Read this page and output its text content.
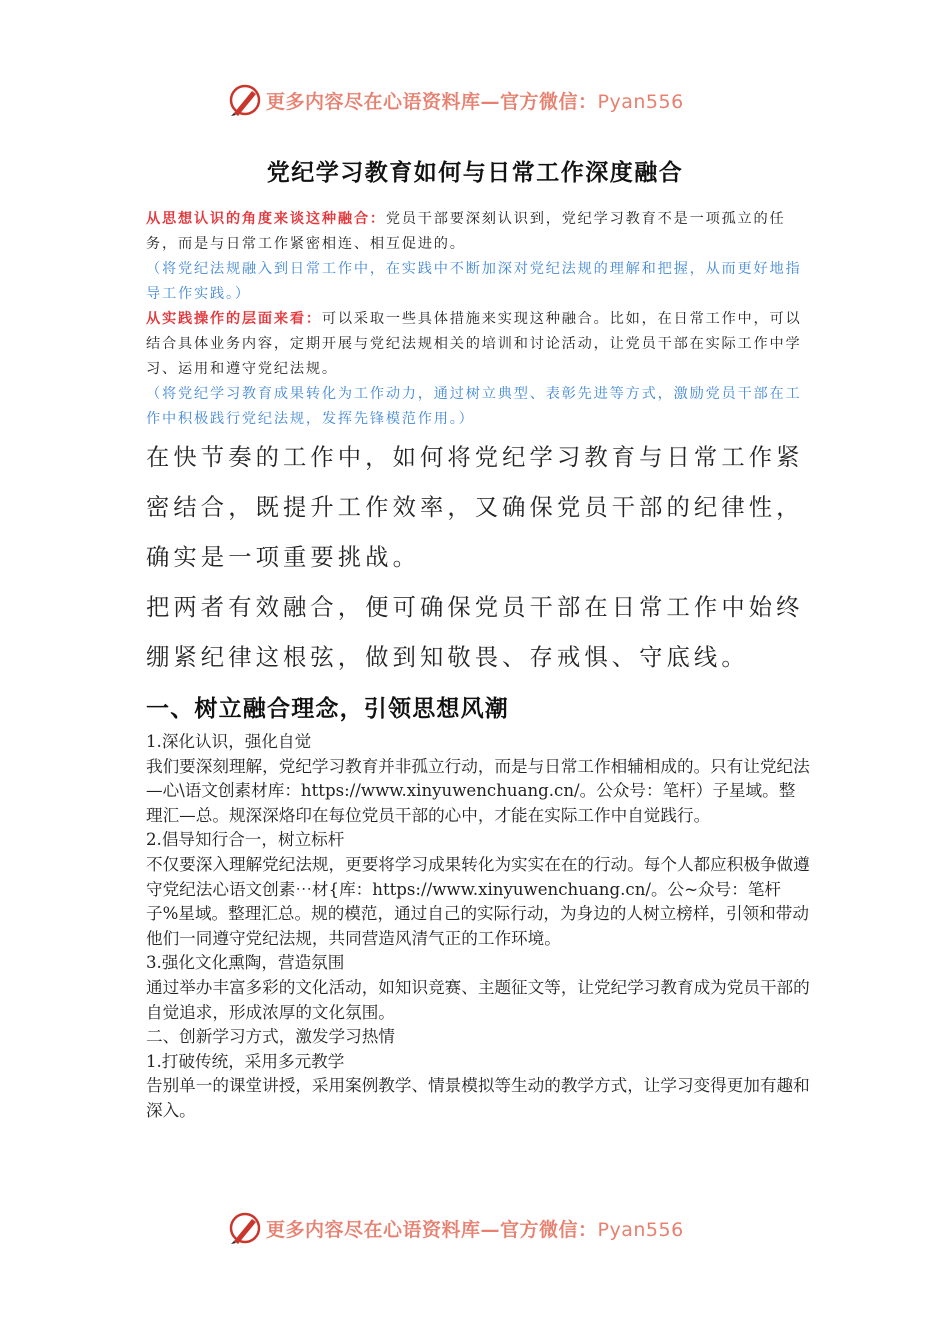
更多内容尽在心语资料库—官方微信：Pyan556
党纪学习教育如何与日常工作深度融合
从思想认识的角度来谈这种融合：党员干部要深刻认识到，党纪学习教育不是一项孤立的任务，而是与日常工作紧密相连、相互促进的。
（将党纪法规融入到日常工作中，在实践中不断加深对党纪法规的理解和把握，从而更好地指导工作实践。）
从实践操作的层面来看：可以采取一些具体措施来实现这种融合。比如，在日常工作中，可以结合具体业务内容，定期开展与党纪法规相关的培训和讨论活动，让党员干部在实际工作中学习、运用和遵守党纪法规。
（将党纪学习教育成果转化为工作动力，通过树立典型、表彰先进等方式，激励党员干部在工作中积极践行党纪法规，发挥先锋模范作用。）
在快节奏的工作中，如何将党纪学习教育与日常工作紧密结合，既提升工作效率，又确保党员干部的纪律性，确实是一项重要挑战。
把两者有效融合，便可确保党员干部在日常工作中始终绷紧纪律这根弦，做到知敬畏、存戒惧、守底线。
一、树立融合理念，引领思想风潮

1.深化认识，强化自觉

我们要深刻理解，党纪学习教育并非孤立行动，而是与日常工作相辅相成的。只有让党纪法—心\语文创素材库：https://www.xinyuwenchuang.cn/。公众号：笔杆）子星域。整理汇—总。规深深烙印在每位党员干部的心中，才能在实际工作中自觉践行。

2.倡导知行合一，树立标杆

不仅要深入理解党纪法规，更要将学习成果转化为实实在在的行动。每个人都应积极争做遵守党纪法心语文创素⋯材{库：https://www.xinyuwenchuang.cn/。公~众号：笔杆子%星域。整理汇总。规的模范，通过自己的实际行动，为身边的人树立榜样，引领和带动他们一同遵守党纪法规，共同营造风清气正的工作环境。

3.强化文化熏陶，营造氛围

通过举办丰富多彩的文化活动，如知识竞赛、主题征文等，让党纪学习教育成为党员干部的自觉追求，形成浓厚的文化氛围。

二、创新学习方式，激发学习热情

1.打破传统，采用多元教学

告别单一的课堂讲授，采用案例教学、情景模拟等生动的教学方式，让学习变得更加有趣和深入。

更多内容尽在心语资料库—官方微信：Pyan556
